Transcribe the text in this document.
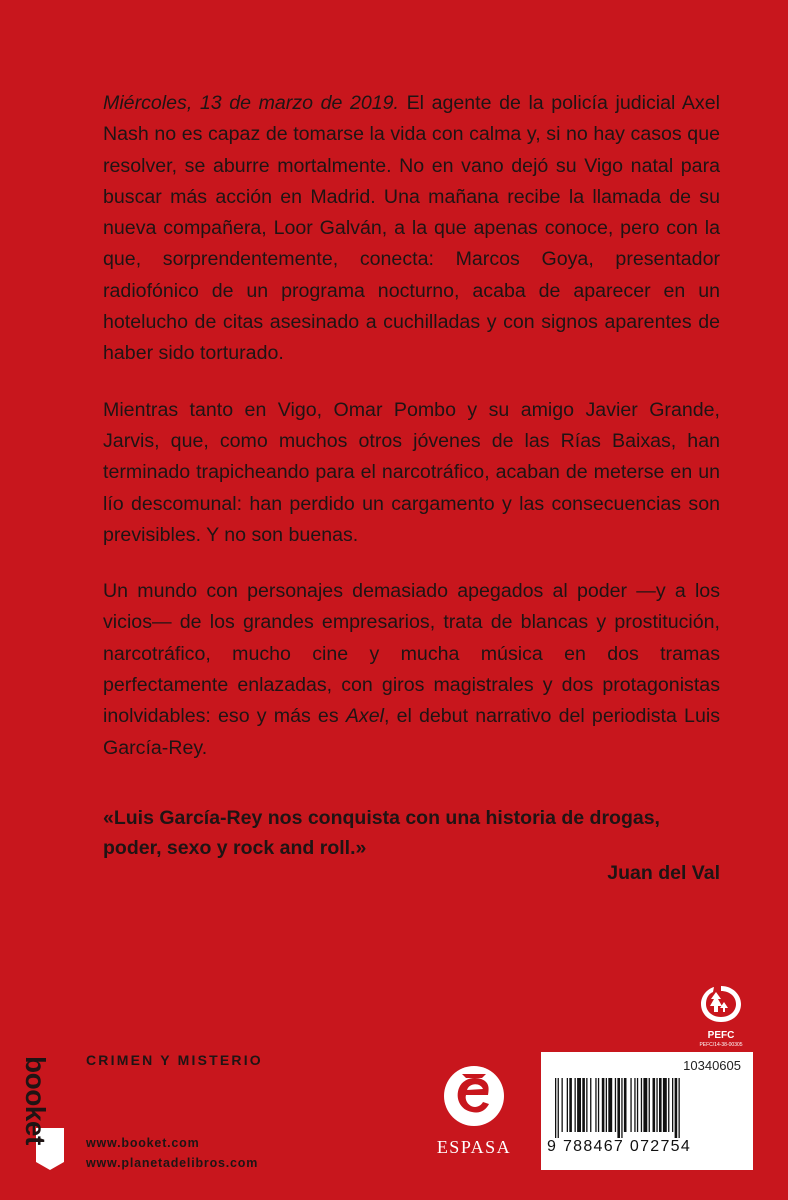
Miércoles, 13 de marzo de 2019. El agente de la policía judicial Axel Nash no es capaz de tomarse la vida con calma y, si no hay casos que resolver, se aburre mortalmente. No en vano dejó su Vigo natal para buscar más acción en Madrid. Una mañana recibe la llamada de su nueva compañera, Loor Galván, a la que apenas conoce, pero con la que, sorprendentemente, conecta: Marcos Goya, presentador radiofónico de un programa nocturno, acaba de aparecer en un hotelucho de citas asesinado a cuchilladas y con signos aparentes de haber sido torturado.

Mientras tanto en Vigo, Omar Pombo y su amigo Javier Grande, Jarvis, que, como muchos otros jóvenes de las Rías Baixas, han terminado trapicheando para el narcotráfico, acaban de meterse en un lío descomunal: han perdido un cargamento y las consecuencias son previsibles. Y no son buenas.

Un mundo con personajes demasiado apegados al poder —y a los vicios— de los grandes empresarios, trata de blancas y prostitución, narcotráfico, mucho cine y mucha música en dos tramas perfectamente enlazadas, con giros magistrales y dos protagonistas inolvidables: eso y más es Axel, el debut narrativo del periodista Luis García-Rey.

«Luis García-Rey nos conquista con una historia de drogas, poder, sexo y rock and roll.»
Juan del Val
booket	CRIMEN Y MISTERIO
www.booket.com
www.planetadelibros.com
ESPASA
PEFC
PEFC/14-38-00305
10340605
9 788467 072754
